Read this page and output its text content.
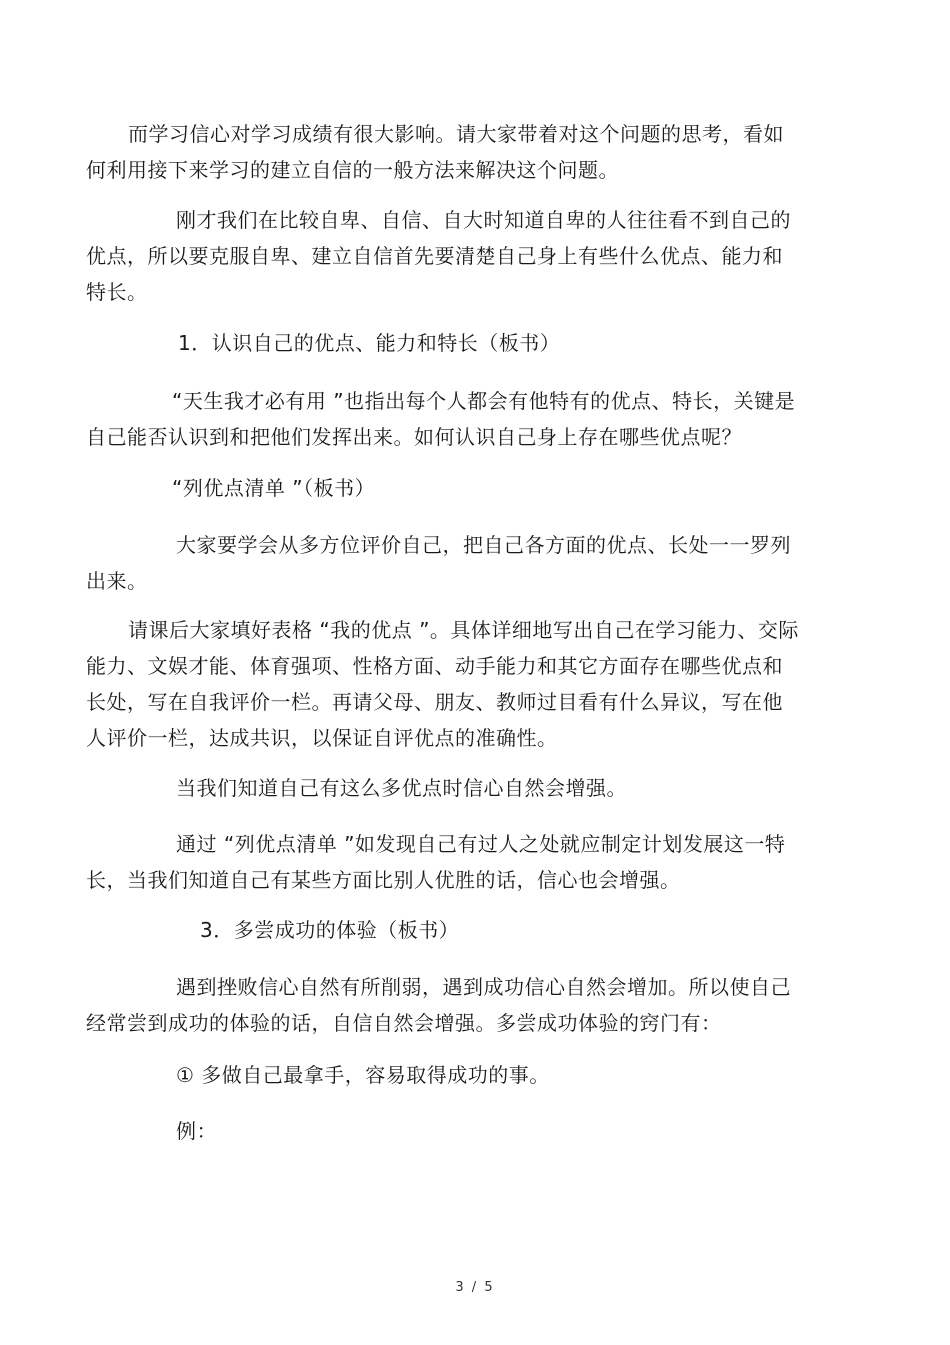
而学习信心对学习成绩有很大影响。请大家带着对这个问题的思考，看如
何利用接下来学习的建立自信的一般方法来解决这个问题。

刚才我们在比较自卑、自信、自大时知道自卑的人往往看不到自己的
优点，所以要克服自卑、建立自信首先要清楚自己身上有些什么优点、能力和
特长。

1．认识自己的优点、能力和特长（板书）

“天生我才必有用 ”也指出每个人都会有他特有的优点、特长，关键是
自己能否认识到和把他们发挥出来。如何认识自己身上存在哪些优点呢？

“列优点清单 ”（板书）

大家要学会从多方位评价自己，把自己各方面的优点、长处一一罗列
出来。

请课后大家填好表格 “我的优点 ”。具体详细地写出自己在学习能力、交际
能力、文娱才能、体育强项、性格方面、动手能力和其它方面存在哪些优点和
长处，写在自我评价一栏。再请父母、朋友、教师过目看有什么异议，写在他
人评价一栏，达成共识，以保证自评优点的准确性。

当我们知道自己有这么多优点时信心自然会增强。

通过 “列优点清单 ”如发现自己有过人之处就应制定计划发展这一特
长，当我们知道自己有某些方面比别人优胜的话，信心也会增强。

3．多尝成功的体验（板书）

遇到挫败信心自然有所削弱，遇到成功信心自然会增加。所以使自己
经常尝到成功的体验的话，自信自然会增强。多尝成功体验的窍门有：

① 多做自己最拿手，容易取得成功的事。

例：

3 / 5
